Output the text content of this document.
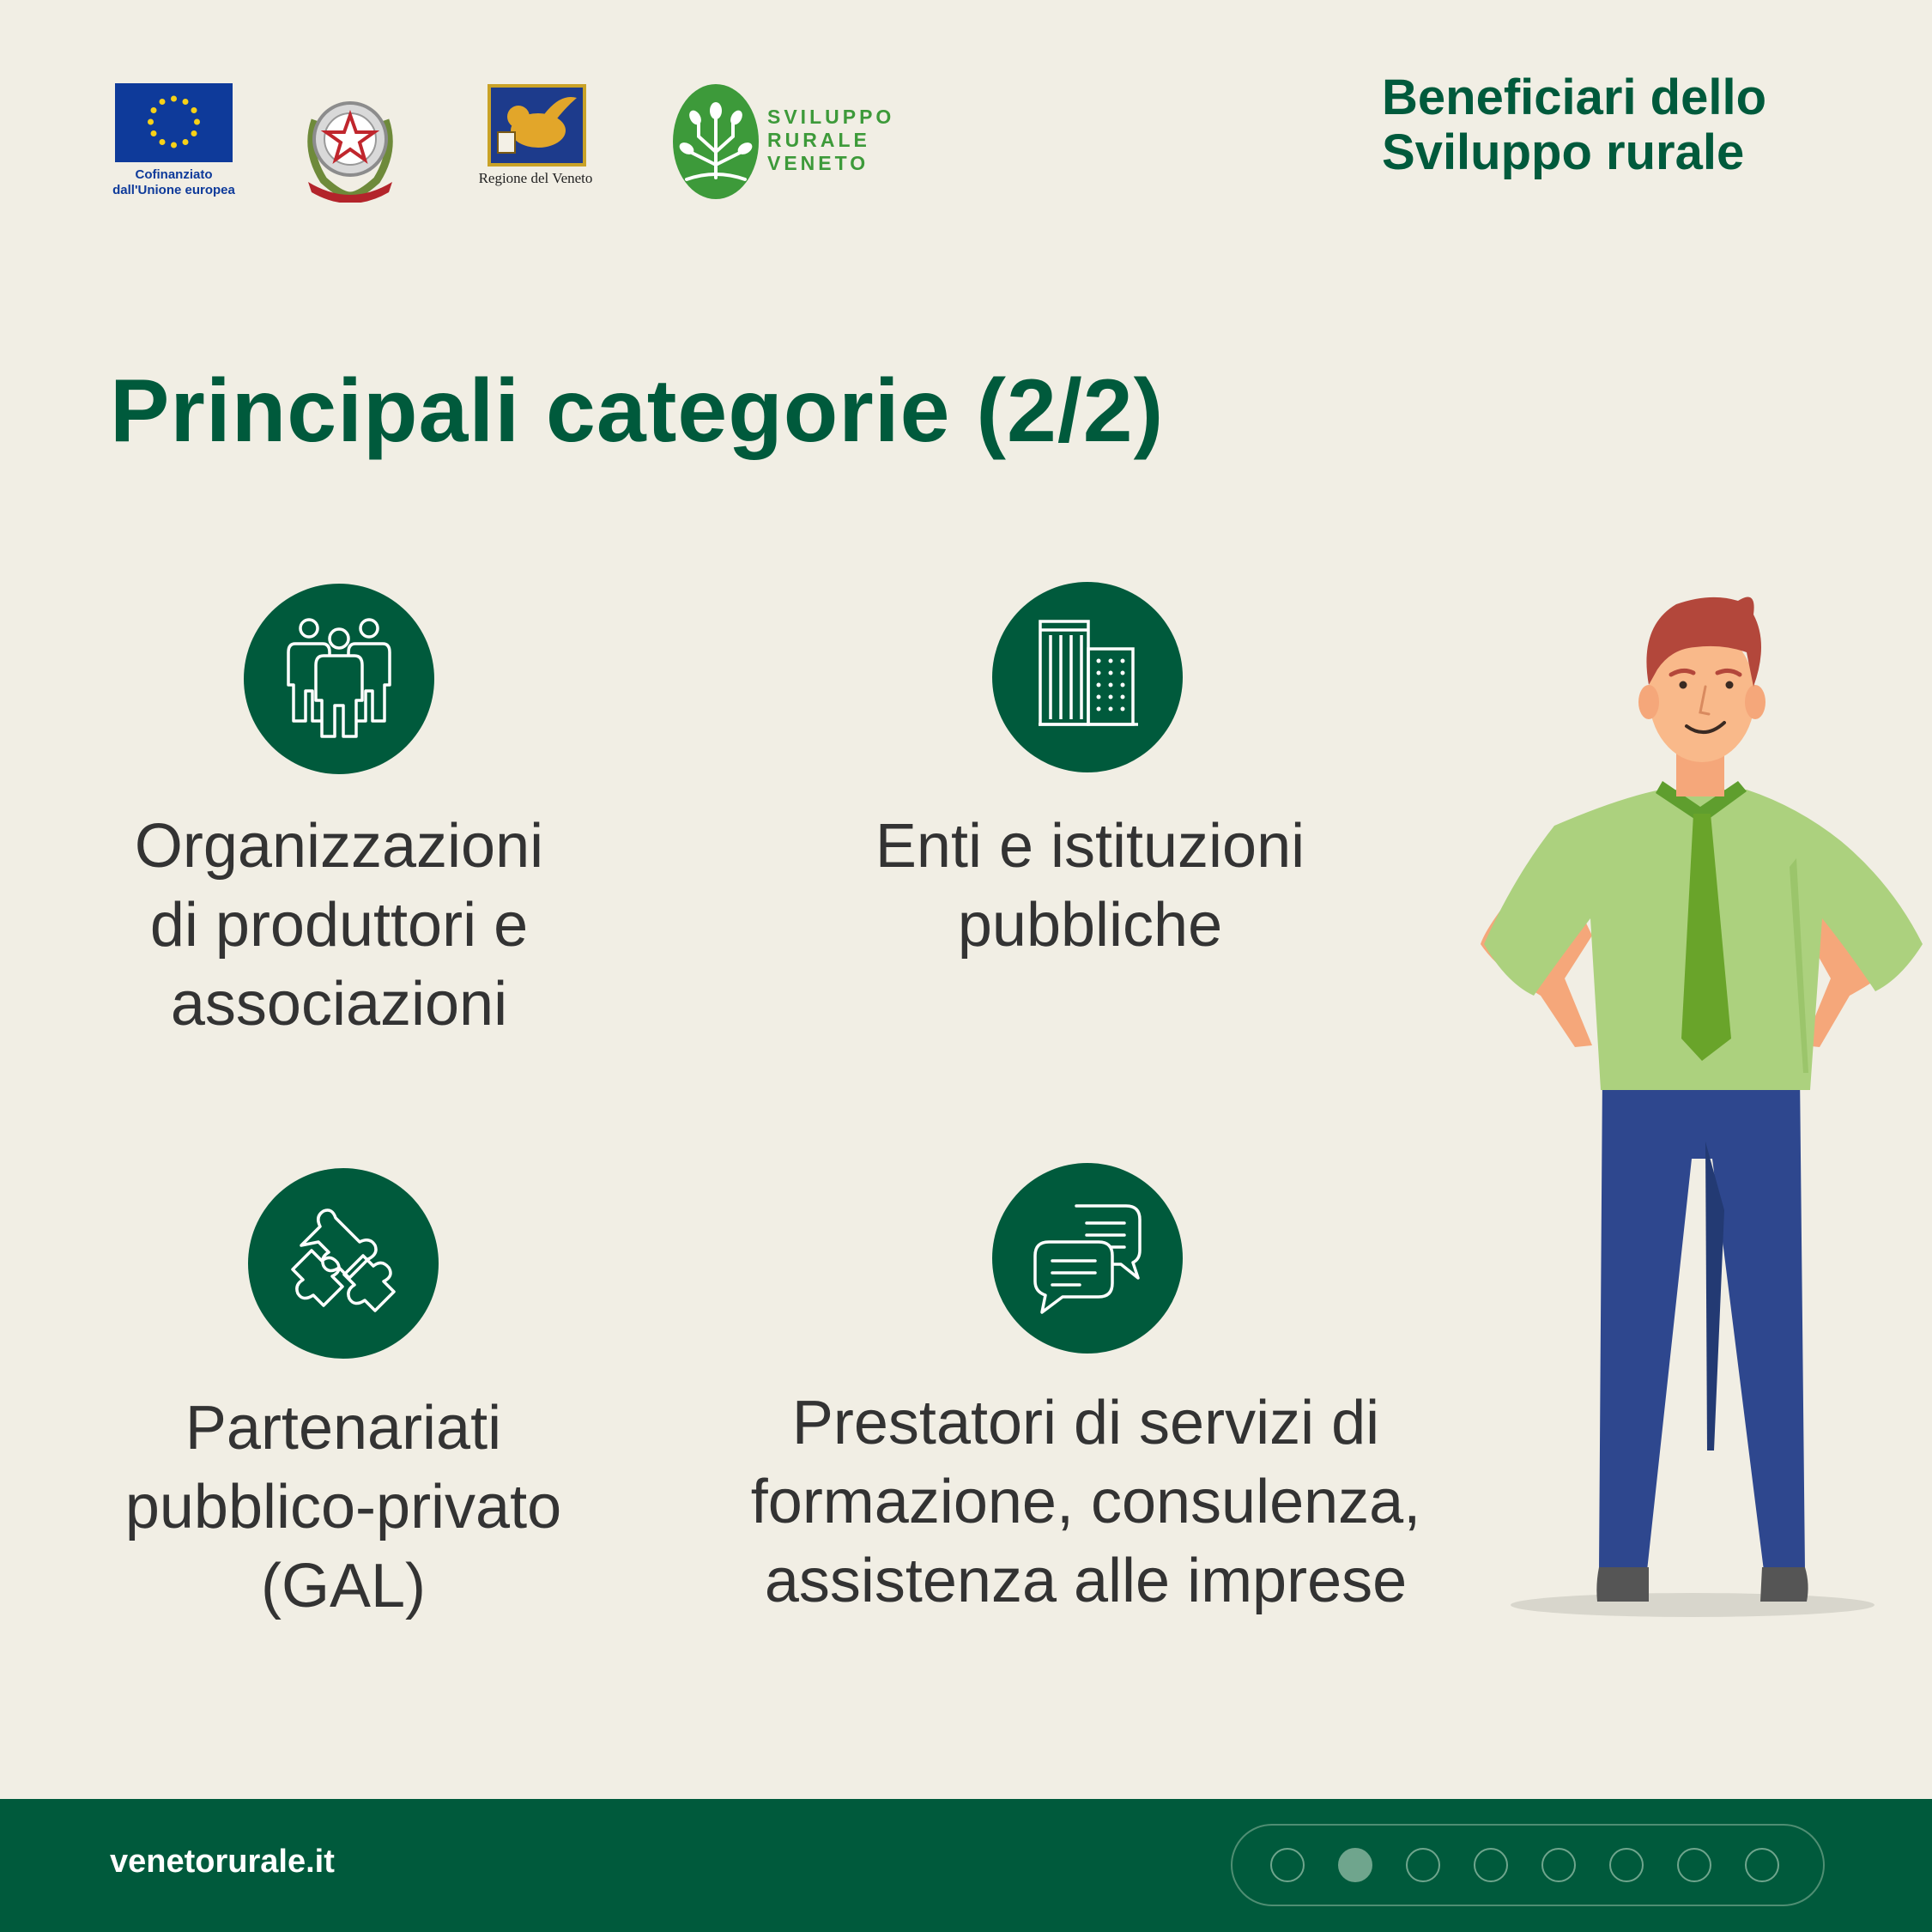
Cofinanziato
dall'Unione europea
Regione del Veneto
SVILUPPO
RURALE
VENETO
Beneficiari dello
Sviluppo rurale
Principali categorie (2/2)
Organizzazioni
di produttori e
associazioni
Enti e istituzioni
pubbliche
Partenariati
pubblico-privato
(GAL)
Prestatori di servizi di
formazione, consulenza,
assistenza alle imprese
venetorurale.it
